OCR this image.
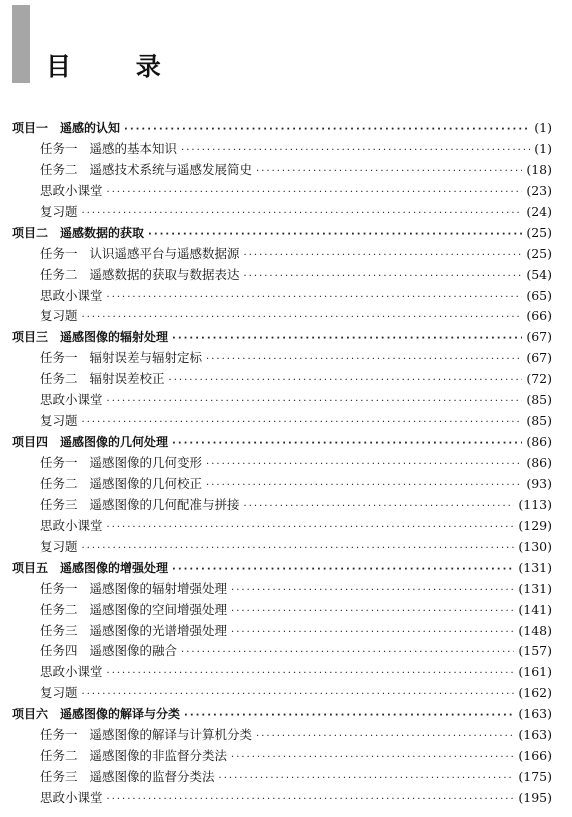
目 录
项目一 遥感的认知 ·····	(1)
任务一 遥感的基本知识 ·····	(1)
任务二 遥感技术系统与遥感发展简史 ·····	(18)
思政小课堂 ·····	(23)
复习题 ·····	(24)
项目二 遥感数据的获取 ·····	(25)
任务一 认识遥感平台与遥感数据源 ·····	(25)
任务二 遥感数据的获取与数据表达 ·····	(54)
思政小课堂 ·····	(65)
复习题 ·····	(66)
项目三 遥感图像的辐射处理 ·····	(67)
任务一 辐射误差与辐射定标 ·····	(67)
任务二 辐射误差校正 ·····	(72)
思政小课堂 ·····	(85)
复习题 ·····	(85)
项目四 遥感图像的几何处理 ·····	(86)
任务一 遥感图像的几何变形 ·····	(86)
任务二 遥感图像的几何校正 ·····	(93)
任务三 遥感图像的几何配准与拼接 ·····	(113)
思政小课堂 ·····	(129)
复习题 ·····	(130)
项目五 遥感图像的增强处理 ·····	(131)
任务一 遥感图像的辐射增强处理 ·····	(131)
任务二 遥感图像的空间增强处理 ·····	(141)
任务三 遥感图像的光谱增强处理 ·····	(148)
任务四 遥感图像的融合 ·····	(157)
思政小课堂 ·····	(161)
复习题 ·····	(162)
项目六 遥感图像的解译与分类 ·····	(163)
任务一 遥感图像的解译与计算机分类 ·····	(163)
任务二 遥感图像的非监督分类法 ·····	(166)
任务三 遥感图像的监督分类法 ·····	(175)
思政小课堂 ·····	(195)
